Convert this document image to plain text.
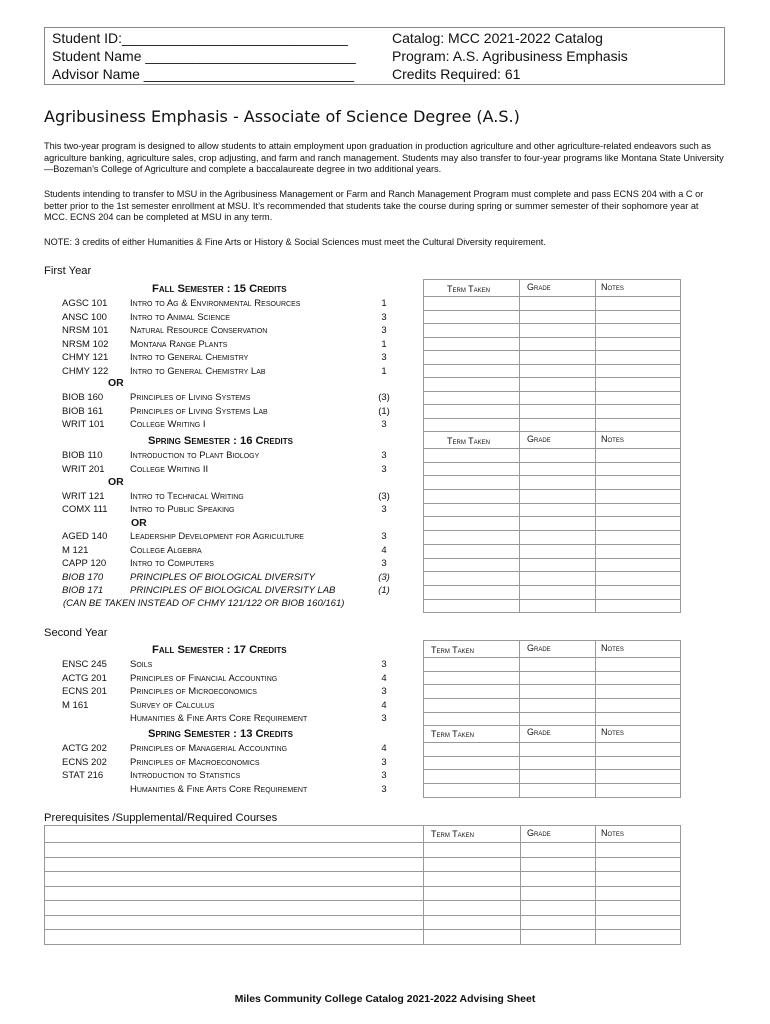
Student ID:_____________________________
Student Name ___________________________
Advisor Name ___________________________
Catalog: MCC 2021-2022 Catalog
Program: A.S. Agribusiness Emphasis
Credits Required: 61
Agribusiness Emphasis - Associate of Science Degree (A.S.)
This two-year program is designed to allow students to attain employment upon graduation in production agriculture and other agriculture-related endeavors such as agriculture banking, agriculture sales, crop adjusting, and farm and ranch management. Students may also transfer to four-year programs like Montana State University—Bozeman’s College of Agriculture and complete a baccalaureate degree in two additional years.
Students intending to transfer to MSU in the Agribusiness Management or Farm and Ranch Management Program must complete and pass ECNS 204 with a C or better prior to the 1st semester enrollment at MSU. It’s recommended that students take the course during spring or summer semester of their sophomore year at MCC. ECNS 204 can be completed at MSU in any term.
NOTE: 3 credits of either Humanities & Fine Arts or History & Social Sciences must meet the Cultural Diversity requirement.
First Year

Term Taken	Grade	Notes
Fall Semester : 15 Credits
AGSC 101 Intro to Ag & Environmental Resources	1
ANSC 100 Intro to Animal Science	3
NRSM 101 Natural Resource Conservation	3
NRSM 102 Montana Range Plants	1
CHMY 121 Intro to General Chemistry	3
CHMY 122 Intro to General Chemistry Lab	1
BIOB 160	Principles of Living Systems	(3)
BIOB 161	Principles of Living Systems Lab	(1)
WRIT 101	College Writing I	3
OR

Term Taken	Grade	Notes
Spring Semester : 16 Credits
BIOB 110	Introduction to Plant Biology	3
WRIT 201	College Writing II	3
WRIT 121	Intro to Technical Writing	(3)
COMX 111 Intro to Public Speaking	3
AGED 140 Leadership Development for Agriculture	3
M 121	College Algebra	4
CAPP 120	Intro to Computers	3
BIOB 170	PRINCIPLES OF BIOLOGICAL DIVERSITY	(3)
BIOB 171	PRINCIPLES OF BIOLOGICAL DIVERSITY LAB	(1)
OR
OR
(CAN BE TAKEN INSTEAD OF CHMY 121/122 OR BIOB 160/161)
Second Year

Term Taken	Grade	Notes
Fall Semester : 17 Credits
ENSC 245 Soils	3
ACTG 201 Principles of Financial Accounting	4
ECNS 201 Principles of Microeconomics	3
M 161	Survey of Calculus	4
Humanities & Fine Arts Core Requirement	3

Term Taken	Grade	Notes
Spring Semester : 13 Credits
ACTG 202 Principles of Managerial Accounting	4
ECNS 202 Principles of Macroeconomics	3
STAT 216	Introduction to Statistics	3
Humanities & Fine Arts Core Requirement	3
Prerequisites /Supplemental/Required Courses

Term Taken	Grade	Notes
Miles Community College Catalog 2021-2022 Advising Sheet
